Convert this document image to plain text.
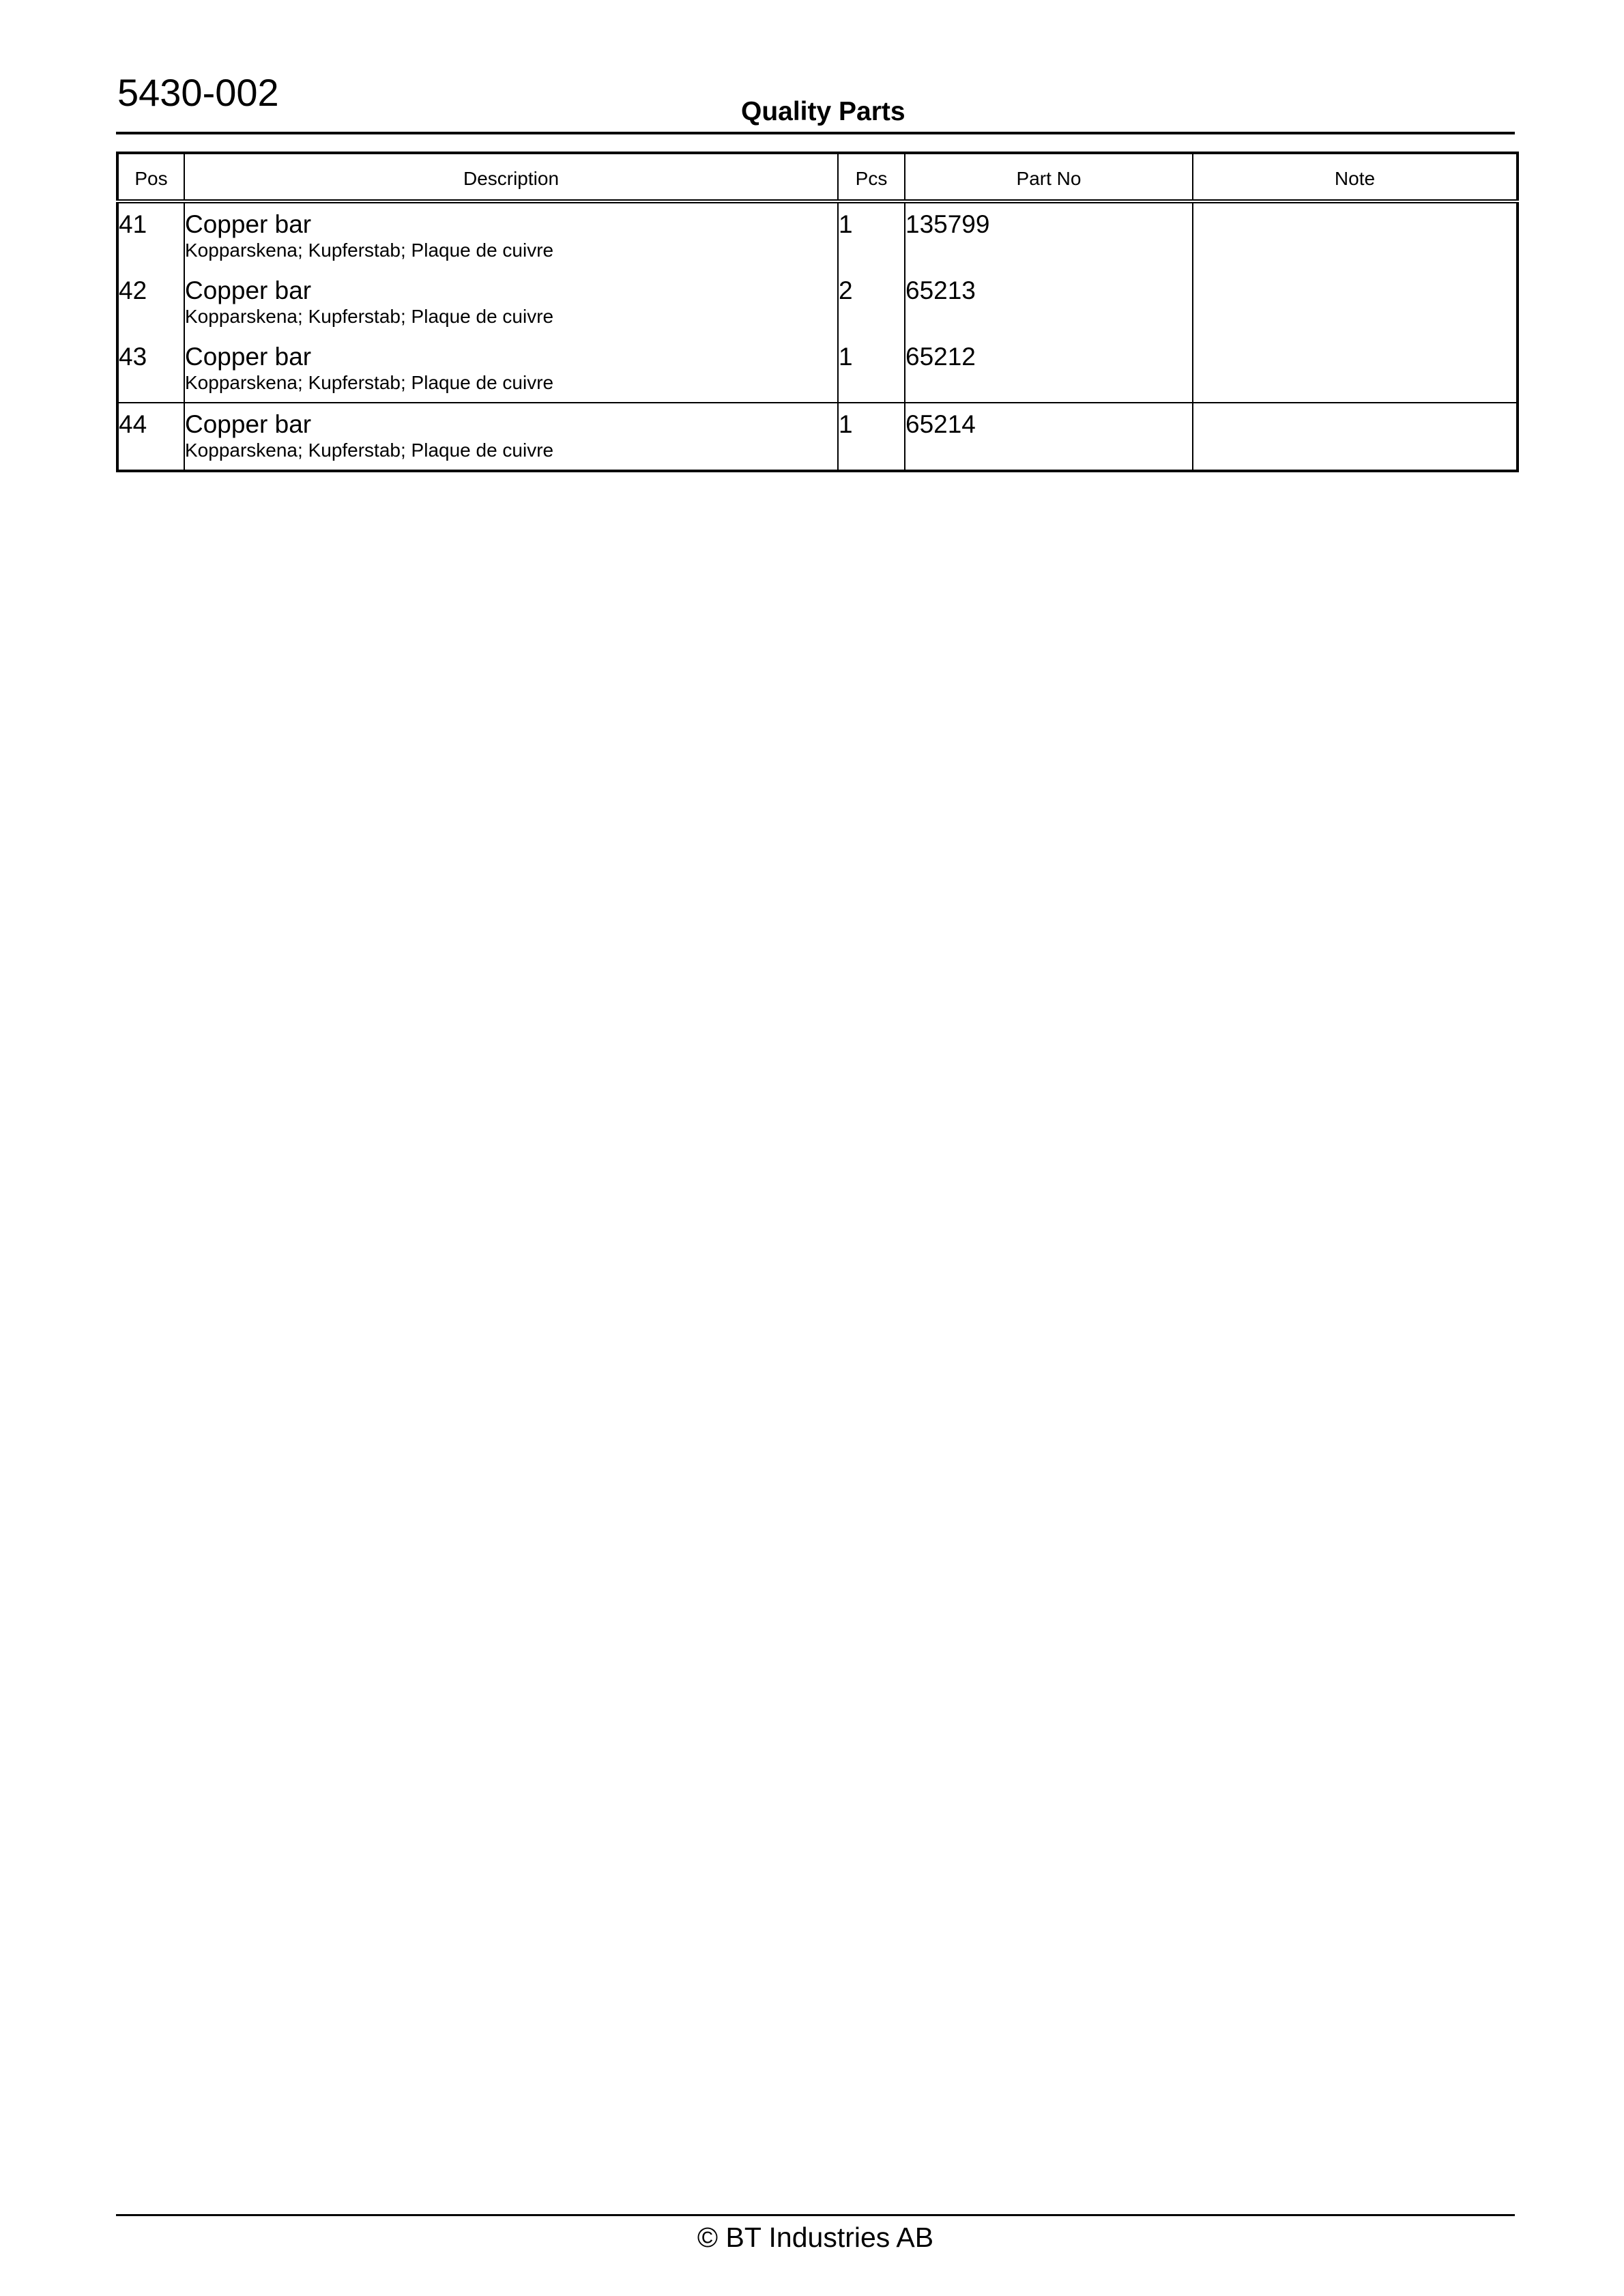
5430-002	Quality Parts
Pos	Description	Pcs	Part No	Note

41	Copper bar
Kopparskena; Kupferstab; Plaque de cuivre	1	135799	

42	Copper bar
Kopparskena; Kupferstab; Plaque de cuivre	2	65213	

43	Copper bar
Kopparskena; Kupferstab; Plaque de cuivre	1	65212	

44	Copper bar
Kopparskena; Kupferstab; Plaque de cuivre	1	65214	

© BT Industries AB
